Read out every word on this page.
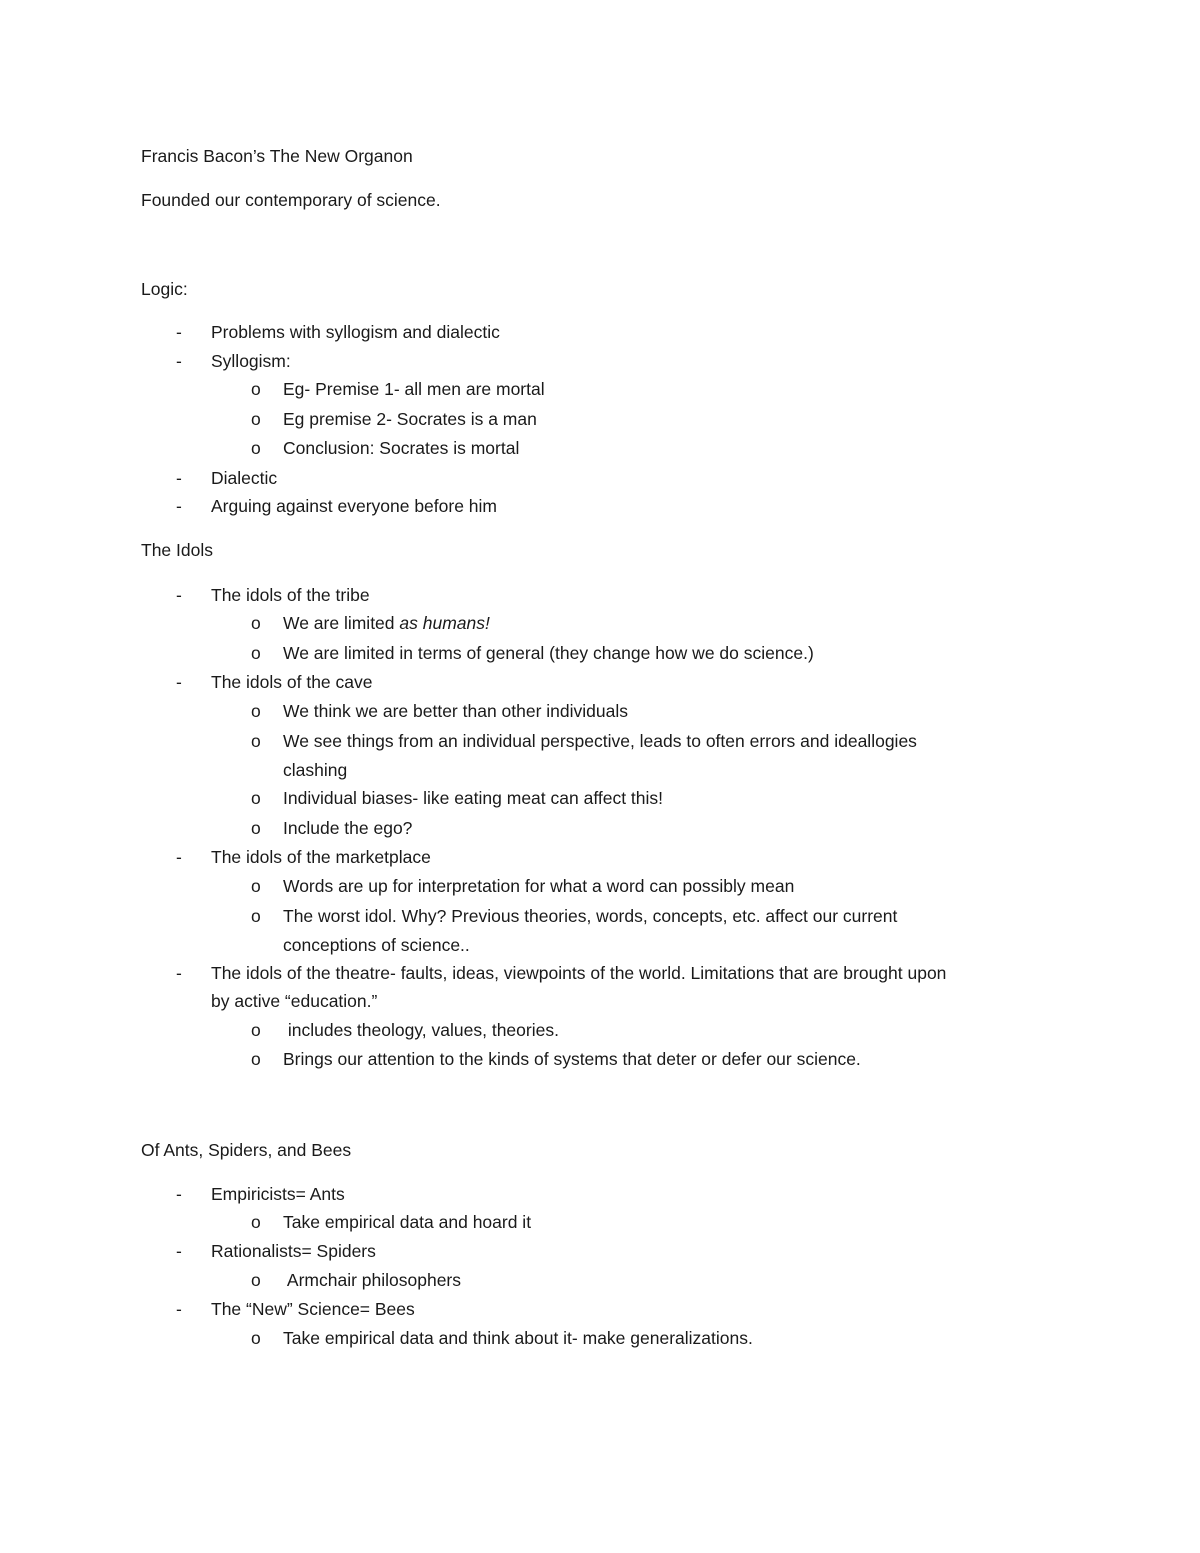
Francis Bacon’s The New Organon
Founded our contemporary of science.
Logic:
- Problems with syllogism and dialectic
- Syllogism:
o Eg- Premise 1- all men are mortal
o Eg premise 2- Socrates is a man
o Conclusion: Socrates is mortal
- Dialectic
- Arguing against everyone before him
The Idols
- The idols of the tribe
o We are limited as humans!
o We are limited in terms of general (they change how we do science.)
- The idols of the cave
o We think we are better than other individuals
o We see things from an individual perspective, leads to often errors and ideallogies
clashing
o Individual biases- like eating meat can affect this!
o Include the ego?
- The idols of the marketplace
o Words are up for interpretation for what a word can possibly mean
o The worst idol. Why? Previous theories, words, concepts, etc. affect our current
conceptions of science..
- The idols of the theatre- faults, ideas, viewpoints of the world. Limitations that are brought upon
by active “education.”
o includes theology, values, theories.
o Brings our attention to the kinds of systems that deter or defer our science.
Of Ants, Spiders, and Bees
- Empiricists= Ants
o Take empirical data and hoard it
- Rationalists= Spiders
o Armchair philosophers
- The “New” Science= Bees
o Take empirical data and think about it- make generalizations.
